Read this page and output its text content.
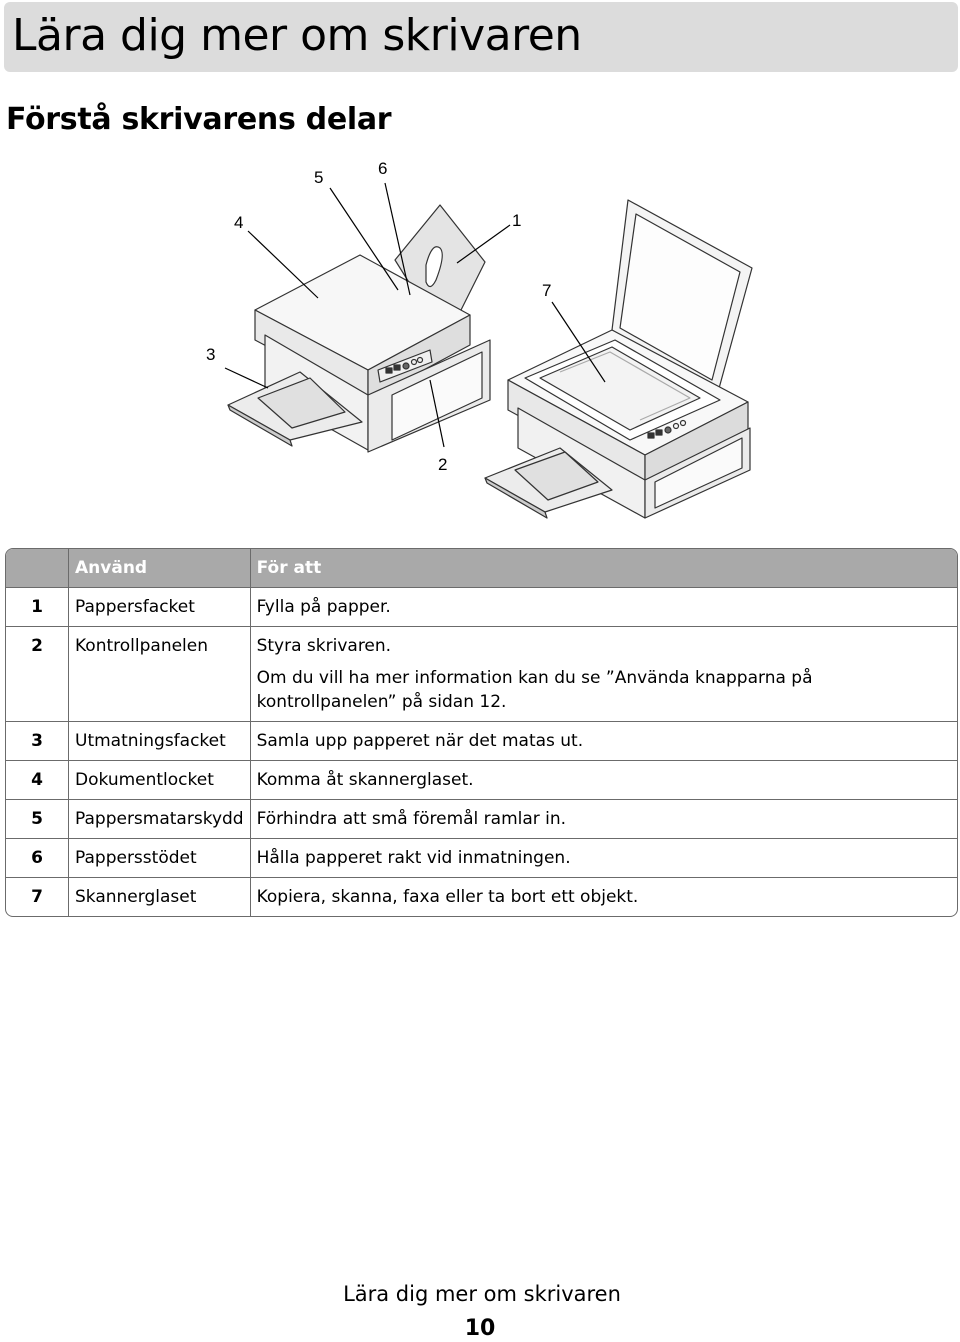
Lära dig mer om skrivaren
Förstå skrivarens delar
1
2
3
4
5	6
7
	Använd	För att
1	Pappersfacket	Fylla på papper.
2	Kontrollpanelen	Styra skrivaren.
Om du vill ha mer information kan du se ”Använda knapparna på kontrollpanelen” på sidan 12.

3	Utmatningsfacket	Samla upp papperet när det matas ut.
4	Dokumentlocket	Komma åt skannerglaset.
5	Pappersmatarskydd	Förhindra att små föremål ramlar in.
6	Pappersstödet	Hålla papperet rakt vid inmatningen.
7	Skannerglaset	Kopiera, skanna, faxa eller ta bort ett objekt.
Lära dig mer om skrivaren
10
